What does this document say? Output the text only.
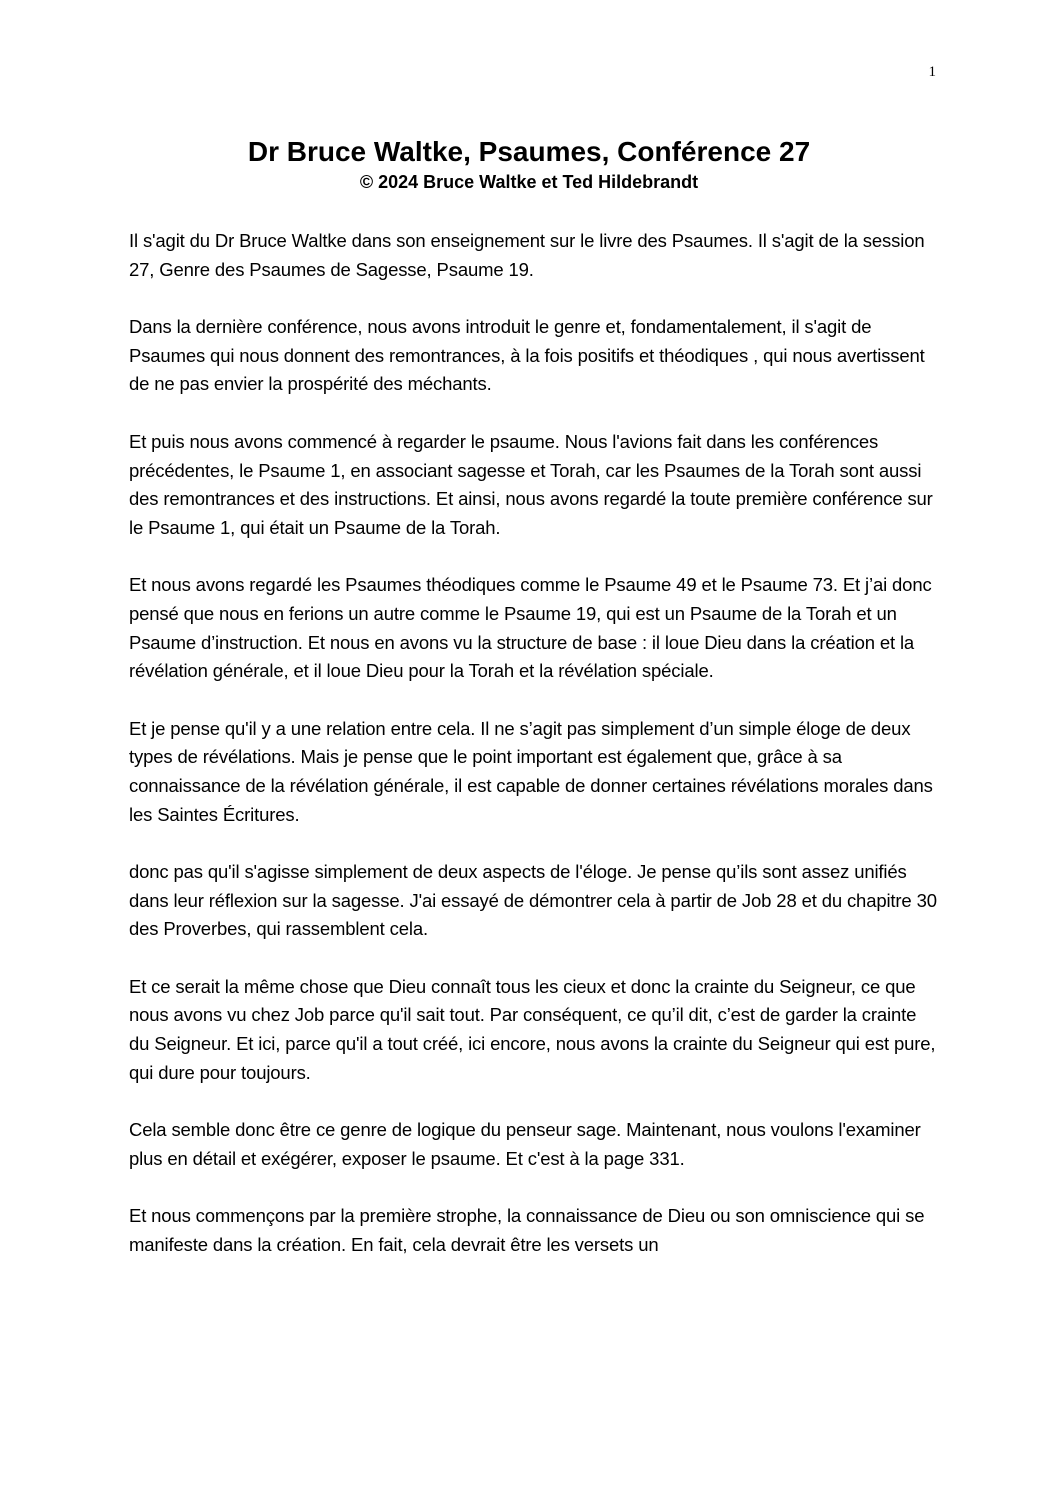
1
Dr Bruce Waltke, Psaumes, Conférence 27

© 2024 Bruce Waltke et Ted Hildebrandt

Il s'agit du Dr Bruce Waltke dans son enseignement sur le livre des Psaumes. Il s'agit de la session 27, Genre des Psaumes de Sagesse, Psaume 19.

Dans la dernière conférence, nous avons introduit le genre et, fondamentalement, il s'agit de Psaumes qui nous donnent des remontrances, à la fois positifs et théodiques , qui nous avertissent de ne pas envier la prospérité des méchants.

Et puis nous avons commencé à regarder le psaume. Nous l'avions fait dans les conférences précédentes, le Psaume 1, en associant sagesse et Torah, car les Psaumes de la Torah sont aussi des remontrances et des instructions. Et ainsi, nous avons regardé la toute première conférence sur le Psaume 1, qui était un Psaume de la Torah.

Et nous avons regardé les Psaumes théodiques comme le Psaume 49 et le Psaume 73. Et j’ai donc pensé que nous en ferions un autre comme le Psaume 19, qui est un Psaume de la Torah et un Psaume d’instruction. Et nous en avons vu la structure de base : il loue Dieu dans la création et la révélation générale, et il loue Dieu pour la Torah et la révélation spéciale.

Et je pense qu'il y a une relation entre cela. Il ne s’agit pas simplement d’un simple éloge de deux types de révélations. Mais je pense que le point important est également que, grâce à sa connaissance de la révélation générale, il est capable de donner certaines révélations morales dans les Saintes Écritures.

donc pas qu'il s'agisse simplement de deux aspects de l'éloge. Je pense qu’ils sont assez unifiés dans leur réflexion sur la sagesse. J'ai essayé de démontrer cela à partir de Job 28 et du chapitre 30 des Proverbes, qui rassemblent cela.

Et ce serait la même chose que Dieu connaît tous les cieux et donc la crainte du Seigneur, ce que nous avons vu chez Job parce qu'il sait tout. Par conséquent, ce qu’il dit, c’est de garder la crainte du Seigneur. Et ici, parce qu'il a tout créé, ici encore, nous avons la crainte du Seigneur qui est pure, qui dure pour toujours.

Cela semble donc être ce genre de logique du penseur sage. Maintenant, nous voulons l'examiner plus en détail et exégérer, exposer le psaume. Et c'est à la page 331.

Et nous commençons par la première strophe, la connaissance de Dieu ou son omniscience qui se manifeste dans la création. En fait, cela devrait être les versets un
